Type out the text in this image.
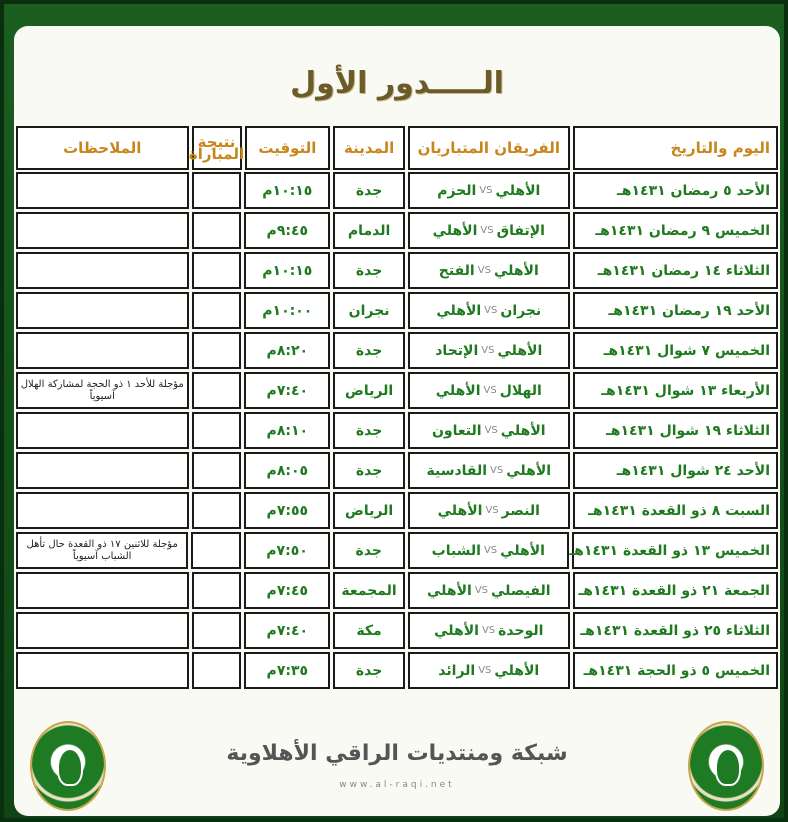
الـــــدور الأول
اليوم والتاريخ
الفريقان المتباريان
المدينة
التوقيت
نتيجة المباراة
الملاحظات
الأحد ٥ رمضان ١٤٣١هـ
الأهلي
VS
الحزم
جدة
١٠:١٥م
الخميس ٩ رمضان ١٤٣١هـ
الإتفاق
VS
الأهلي
الدمام
٩:٤٥م
الثلاثاء ١٤ رمضان ١٤٣١هـ
الأهلي
VS
الفتح
جدة
١٠:١٥م
الأحد ١٩ رمضان ١٤٣١هـ
نجران
VS
الأهلي
نجران
١٠:٠٠م
الخميس ٧ شوال ١٤٣١هـ
الأهلي
VS
الإتحاد
جدة
٨:٢٠م
الأربعاء ١٣ شوال ١٤٣١هـ
الهلال
VS
الأهلي
الرياض
٧:٤٠م
مؤجلة للأحد ١ ذو الحجة لمشاركة الهلال آسيوياً
الثلاثاء ١٩ شوال ١٤٣١هـ
الأهلي
VS
التعاون
جدة
٨:١٠م
الأحد ٢٤ شوال ١٤٣١هـ
الأهلي
VS
القادسية
جدة
٨:٠٥م
السبت ٨ ذو القعدة ١٤٣١هـ
النصر
VS
الأهلي
الرياض
٧:٥٥م
الخميس ١٣ ذو القعدة ١٤٣١هـ
الأهلي
VS
الشباب
جدة
٧:٥٠م
مؤجلة للاثنين ١٧ ذو القعدة حال تأهل الشباب آسيوياً
الجمعة ٢١ ذو القعدة ١٤٣١هـ
الفيصلي
VS
الأهلي
المجمعة
٧:٤٥م
الثلاثاء ٢٥ ذو القعدة ١٤٣١هـ
الوحدة
VS
الأهلي
مكة
٧:٤٠م
الخميس ٥ ذو الحجة ١٤٣١هـ
الأهلي
VS
الرائد
جدة
٧:٣٥م
شبكة ومنتديات الراقي الأهلاوية
www.al-raqi.net
